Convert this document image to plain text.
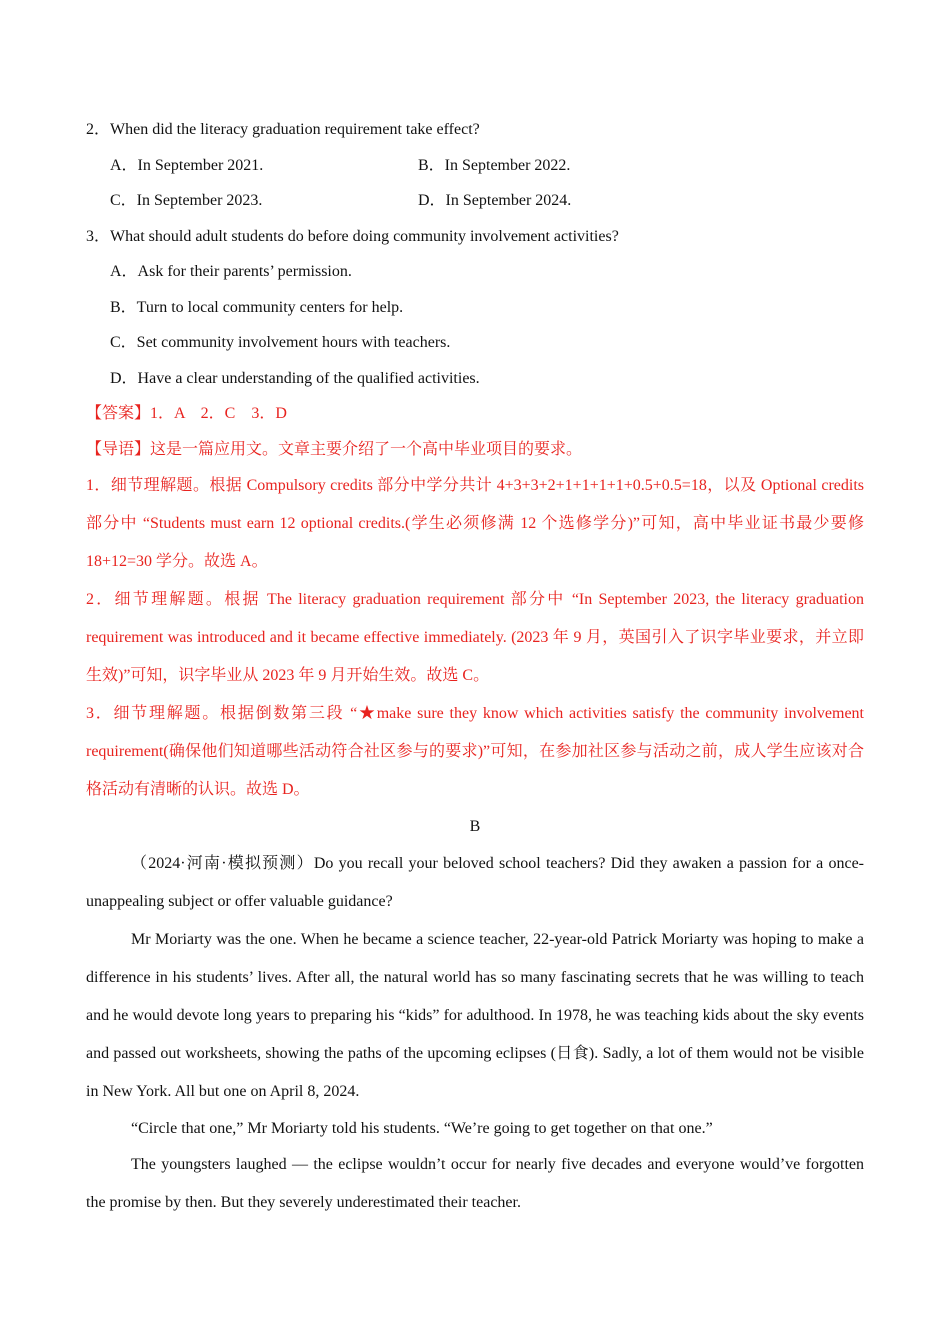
2．When did the literacy graduation requirement take effect?
A．In September 2021.	B．In September 2022.
C．In September 2023.	D．In September 2024.
3．What should adult students do before doing community involvement activities?
A．Ask for their parents’ permission.
B．Turn to local community centers for help.
C．Set community involvement hours with teachers.
D．Have a clear understanding of the qualified activities.
【答案】1．A　2．C　3．D
【导语】这是一篇应用文。文章主要介绍了一个高中毕业项目的要求。
1．细节理解题。根据 Compulsory credits 部分中学分共计 4+3+3+2+1+1+1+1+0.5+0.5=18，以及 Optional credits 部分中 “Students must earn 12 optional credits.(学生必须修满 12 个选修学分)”可知，高中毕业证书最少要修 18+12=30 学分。故选 A。
2．细节理解题。根据 The literacy graduation requirement 部分中 “In September 2023, the literacy graduation requirement was introduced and it became effective immediately. (2023 年 9 月，英国引入了识字毕业要求，并立即生效)”可知，识字毕业从 2023 年 9 月开始生效。故选 C。
3．细节理解题。根据倒数第三段 “★make sure they know which activities satisfy the community involvement requirement(确保他们知道哪些活动符合社区参与的要求)”可知，在参加社区参与活动之前，成人学生应该对合格活动有清晰的认识。故选 D。
B
（2024·河南·模拟预测）Do you recall your beloved school teachers? Did they awaken a passion for a once-unappealing subject or offer valuable guidance?
Mr Moriarty was the one. When he became a science teacher, 22-year-old Patrick Moriarty was hoping to make a difference in his students’ lives. After all, the natural world has so many fascinating secrets that he was willing to teach and he would devote long years to preparing his “kids” for adulthood. In 1978, he was teaching kids about the sky events and passed out worksheets, showing the paths of the upcoming eclipses (日食). Sadly, a lot of them would not be visible in New York. All but one on April 8, 2024.
“Circle that one,” Mr Moriarty told his students. “We’re going to get together on that one.”
The youngsters laughed — the eclipse wouldn’t occur for nearly five decades and everyone would’ve forgotten the promise by then. But they severely underestimated their teacher.
